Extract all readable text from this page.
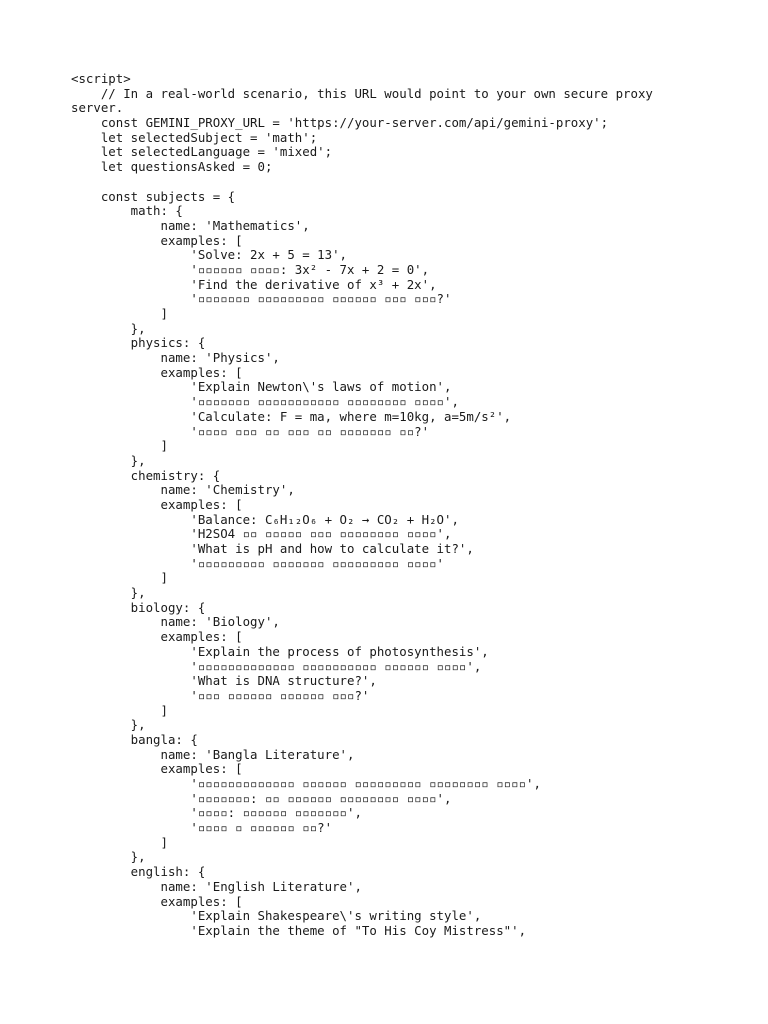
<script>
// In a real-world scenario, this URL would point to your own secure proxy
server.
const GEMINI_PROXY_URL = 'https://your-server.com/api/gemini-proxy';
let selectedSubject = 'math';
let selectedLanguage = 'mixed';
let questionsAsked = 0;
const subjects = {
math: {
name: 'Mathematics',
examples: [
'Solve: 2x + 5 = 13',
'▫▫▫▫▫▫ ▫▫▫▫: 3x² - 7x + 2 = 0',
'Find the derivative of x³ + 2x',
'▫▫▫▫▫▫▫ ▫▫▫▫▫▫▫▫▫ ▫▫▫▫▫▫ ▫▫▫ ▫▫▫?'
]
},
physics: {
name: 'Physics',
examples: [
'Explain Newton\'s laws of motion',
'▫▫▫▫▫▫▫ ▫▫▫▫▫▫▫▫▫▫▫ ▫▫▫▫▫▫▫▫ ▫▫▫▫',
'Calculate: F = ma, where m=10kg, a=5m/s²',
'▫▫▫▫ ▫▫▫ ▫▫ ▫▫▫ ▫▫ ▫▫▫▫▫▫▫ ▫▫?'
]
},
chemistry: {
name: 'Chemistry',
examples: [
'Balance: C₆H₁₂O₆ + O₂ → CO₂ + H₂O',
'H2SO4 ▫▫ ▫▫▫▫▫ ▫▫▫ ▫▫▫▫▫▫▫▫ ▫▫▫▫',
'What is pH and how to calculate it?',
'▫▫▫▫▫▫▫▫▫ ▫▫▫▫▫▫▫ ▫▫▫▫▫▫▫▫▫ ▫▫▫▫'
]
},
biology: {
name: 'Biology',
examples: [
'Explain the process of photosynthesis',
'▫▫▫▫▫▫▫▫▫▫▫▫▫ ▫▫▫▫▫▫▫▫▫▫ ▫▫▫▫▫▫ ▫▫▫▫',
'What is DNA structure?',
'▫▫▫ ▫▫▫▫▫▫ ▫▫▫▫▫▫ ▫▫▫?'
]
},
bangla: {
name: 'Bangla Literature',
examples: [
'▫▫▫▫▫▫▫▫▫▫▫▫▫ ▫▫▫▫▫▫ ▫▫▫▫▫▫▫▫▫ ▫▫▫▫▫▫▫▫ ▫▫▫▫',
'▫▫▫▫▫▫▫: ▫▫ ▫▫▫▫▫▫ ▫▫▫▫▫▫▫▫ ▫▫▫▫',
'▫▫▫▫: ▫▫▫▫▫▫ ▫▫▫▫▫▫▫',
'▫▫▫▫ ▫ ▫▫▫▫▫▫ ▫▫?'
]
},
english: {
name: 'English Literature',
examples: [
'Explain Shakespeare\'s writing style',
'Explain the theme of "To His Coy Mistress"',
